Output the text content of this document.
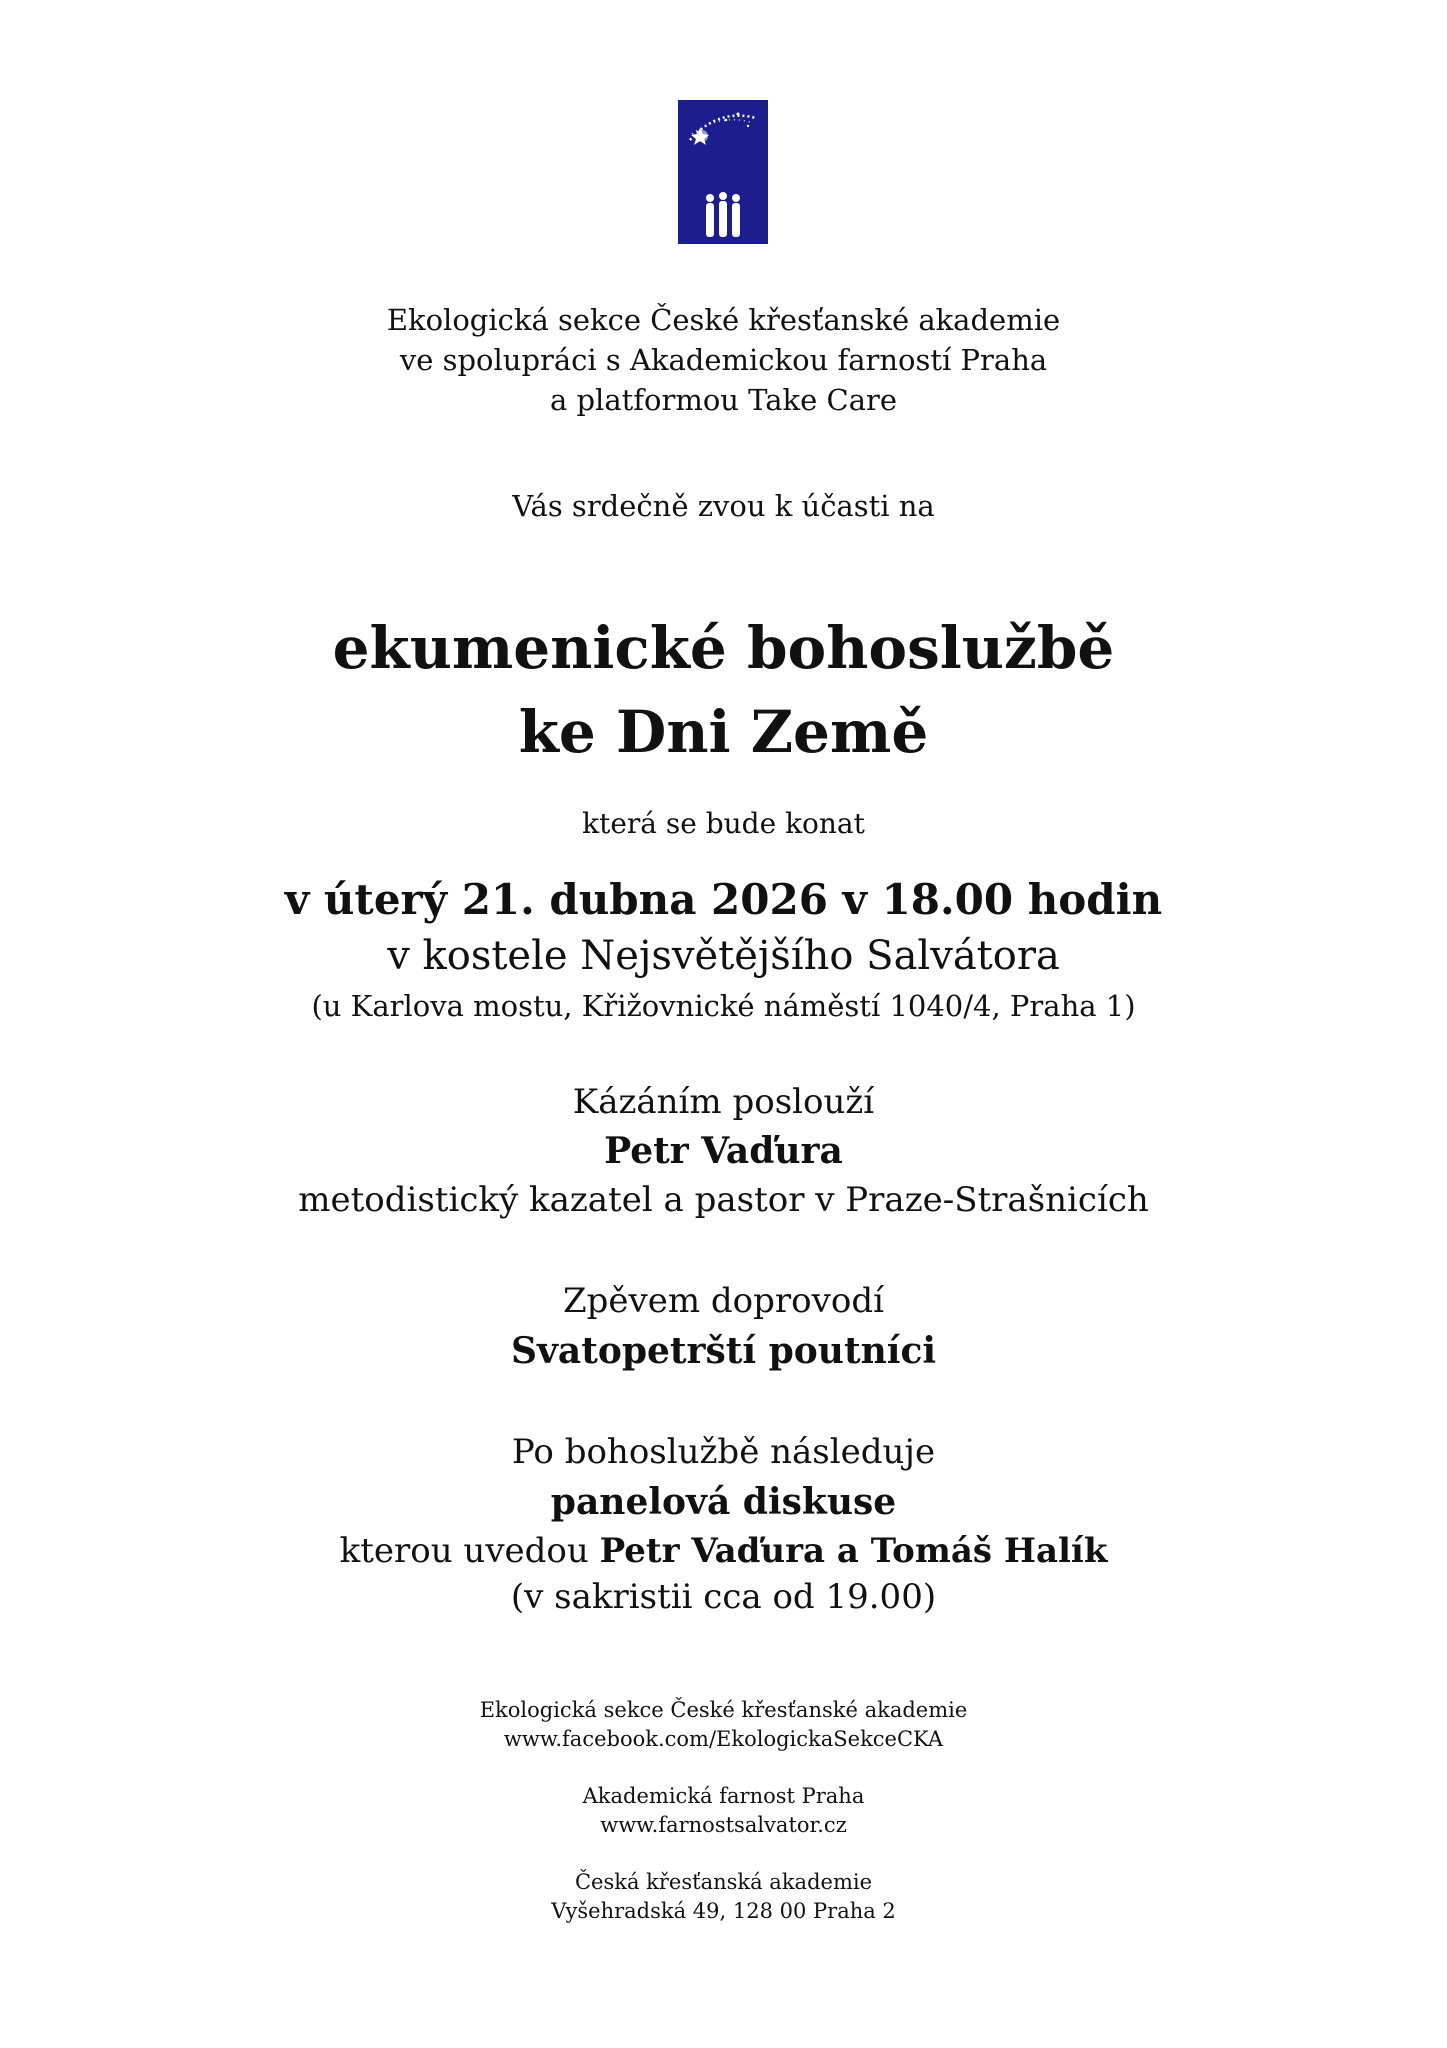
Ekologická sekce České křesťanské akademie
ve spolupráci s Akademickou farností Praha
a platformou Take Care
Vás srdečně zvou k účasti na
ekumenické bohoslužbě
ke Dni Země
která se bude konat
v úterý 21. dubna 2026 v 18.00 hodin
v kostele Nejsvětějšího Salvátora
(u Karlova mostu, Křižovnické náměstí 1040/4, Praha 1)
Kázáním poslouží
Petr Vaďura
metodistický kazatel a pastor v Praze-Strašnicích
Zpěvem doprovodí
Svatopetrští poutníci
Po bohoslužbě následuje
panelová diskuse
kterou uvedou Petr Vaďura a Tomáš Halík
(v sakristii cca od 19.00)
Ekologická sekce České křesťanské akademie
www.facebook.com/EkologickaSekceCKA
Akademická farnost Praha
www.farnostsalvator.cz
Česká křesťanská akademie
Vyšehradská 49, 128 00 Praha 2
